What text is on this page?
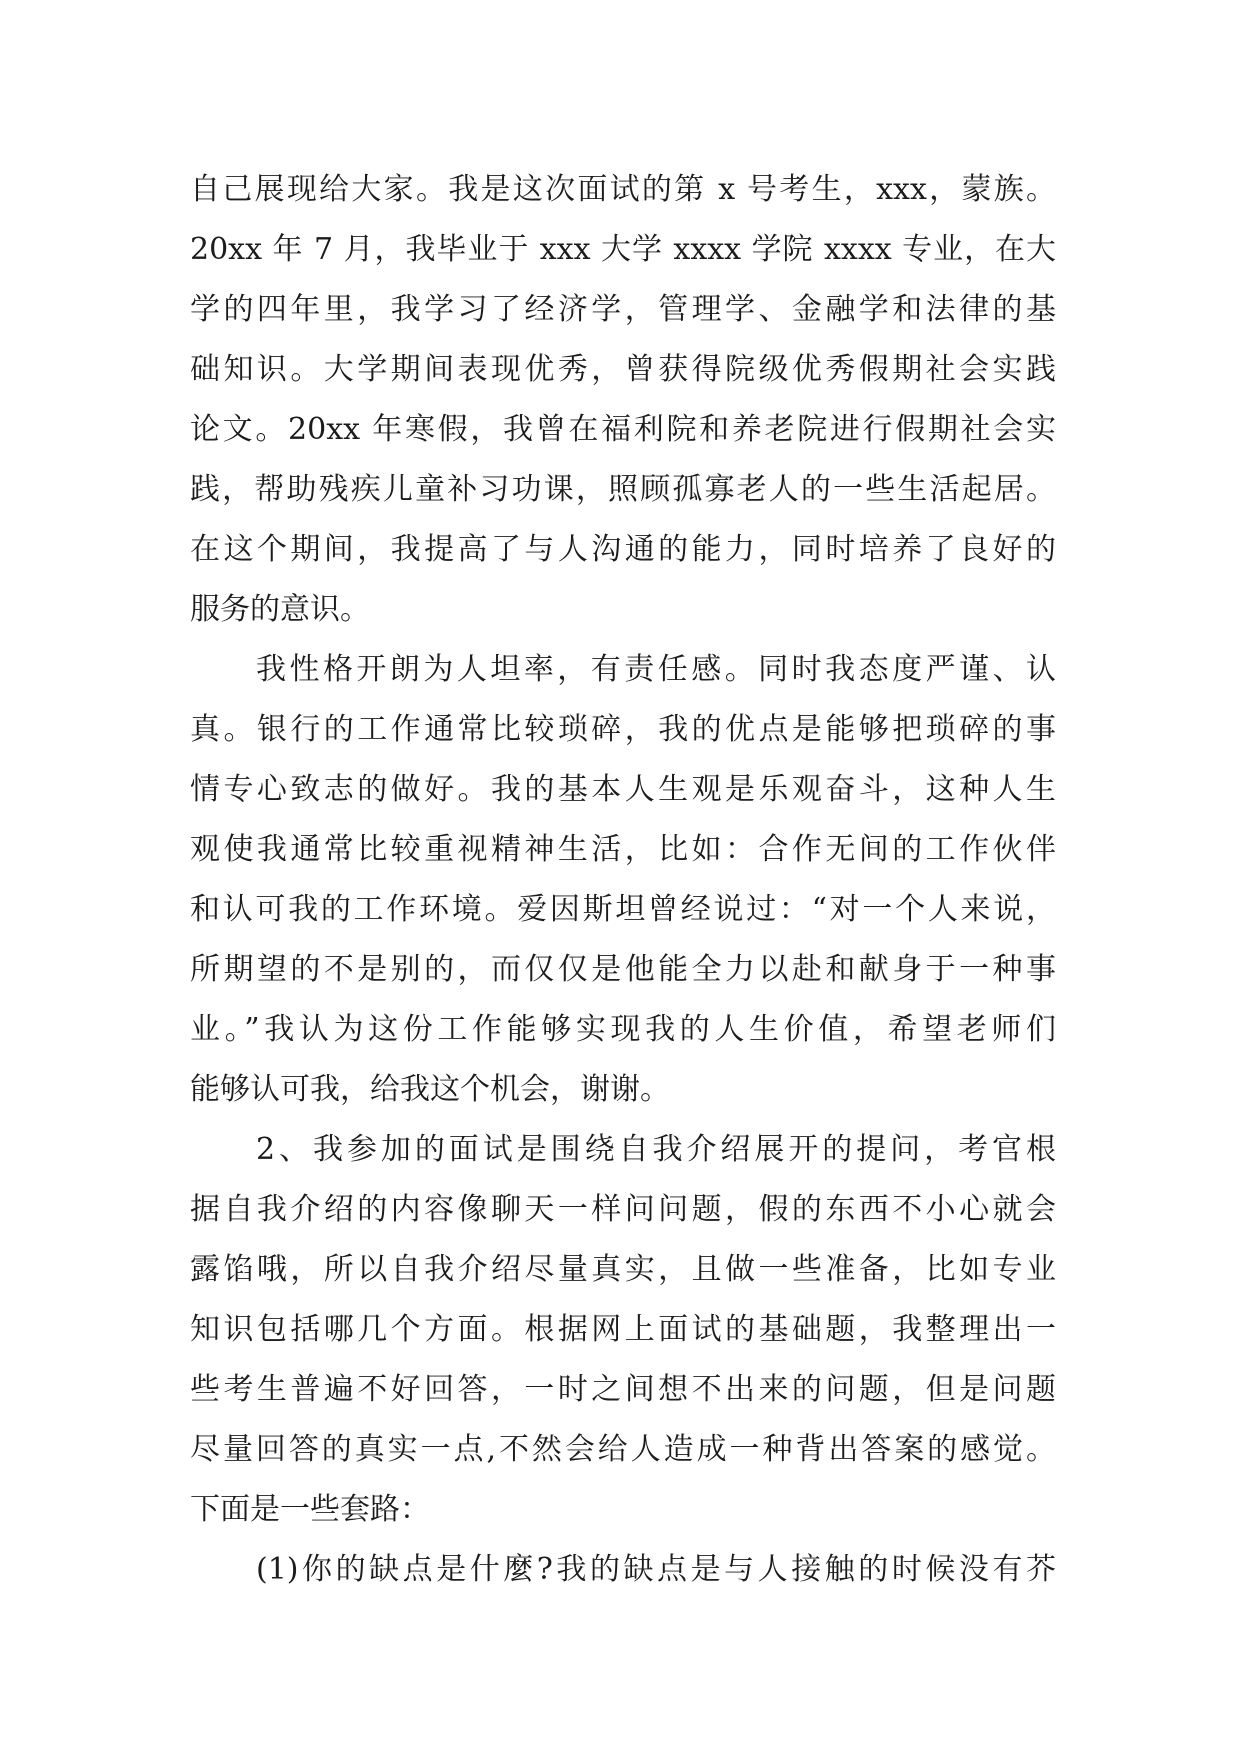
自己展现给大家。我是这次面试的第 x 号考生，xxx，蒙族。
20xx 年 7 月，我毕业于 xxx 大学 xxxx 学院 xxxx 专业，在大
学的四年里，我学习了经济学，管理学、金融学和法律的基
础知识。大学期间表现优秀，曾获得院级优秀假期社会实践
论文。20xx 年寒假，我曾在福利院和养老院进行假期社会实
践，帮助残疾儿童补习功课，照顾孤寡老人的一些生活起居。
在这个期间，我提高了与人沟通的能力，同时培养了良好的
服务的意识。
我性格开朗为人坦率，有责任感。同时我态度严谨、认
真。银行的工作通常比较琐碎，我的优点是能够把琐碎的事
情专心致志的做好。我的基本人生观是乐观奋斗，这种人生
观使我通常比较重视精神生活，比如：合作无间的工作伙伴
和认可我的工作环境。爱因斯坦曾经说过：“对一个人来说，
所期望的不是别的，而仅仅是他能全力以赴和献身于一种事
业。”我认为这份工作能够实现我的人生价值，希望老师们
能够认可我，给我这个机会，谢谢。
2、我参加的面试是围绕自我介绍展开的提问，考官根
据自我介绍的内容像聊天一样问问题，假的东西不小心就会
露馅哦，所以自我介绍尽量真实，且做一些准备，比如专业
知识包括哪几个方面。根据网上面试的基础题，我整理出一
些考生普遍不好回答，一时之间想不出来的问题，但是问题
尽量回答的真实一点,不然会给人造成一种背出答案的感觉。
下面是一些套路：
(1)你的缺点是什麼?我的缺点是与人接触的时候没有芥
